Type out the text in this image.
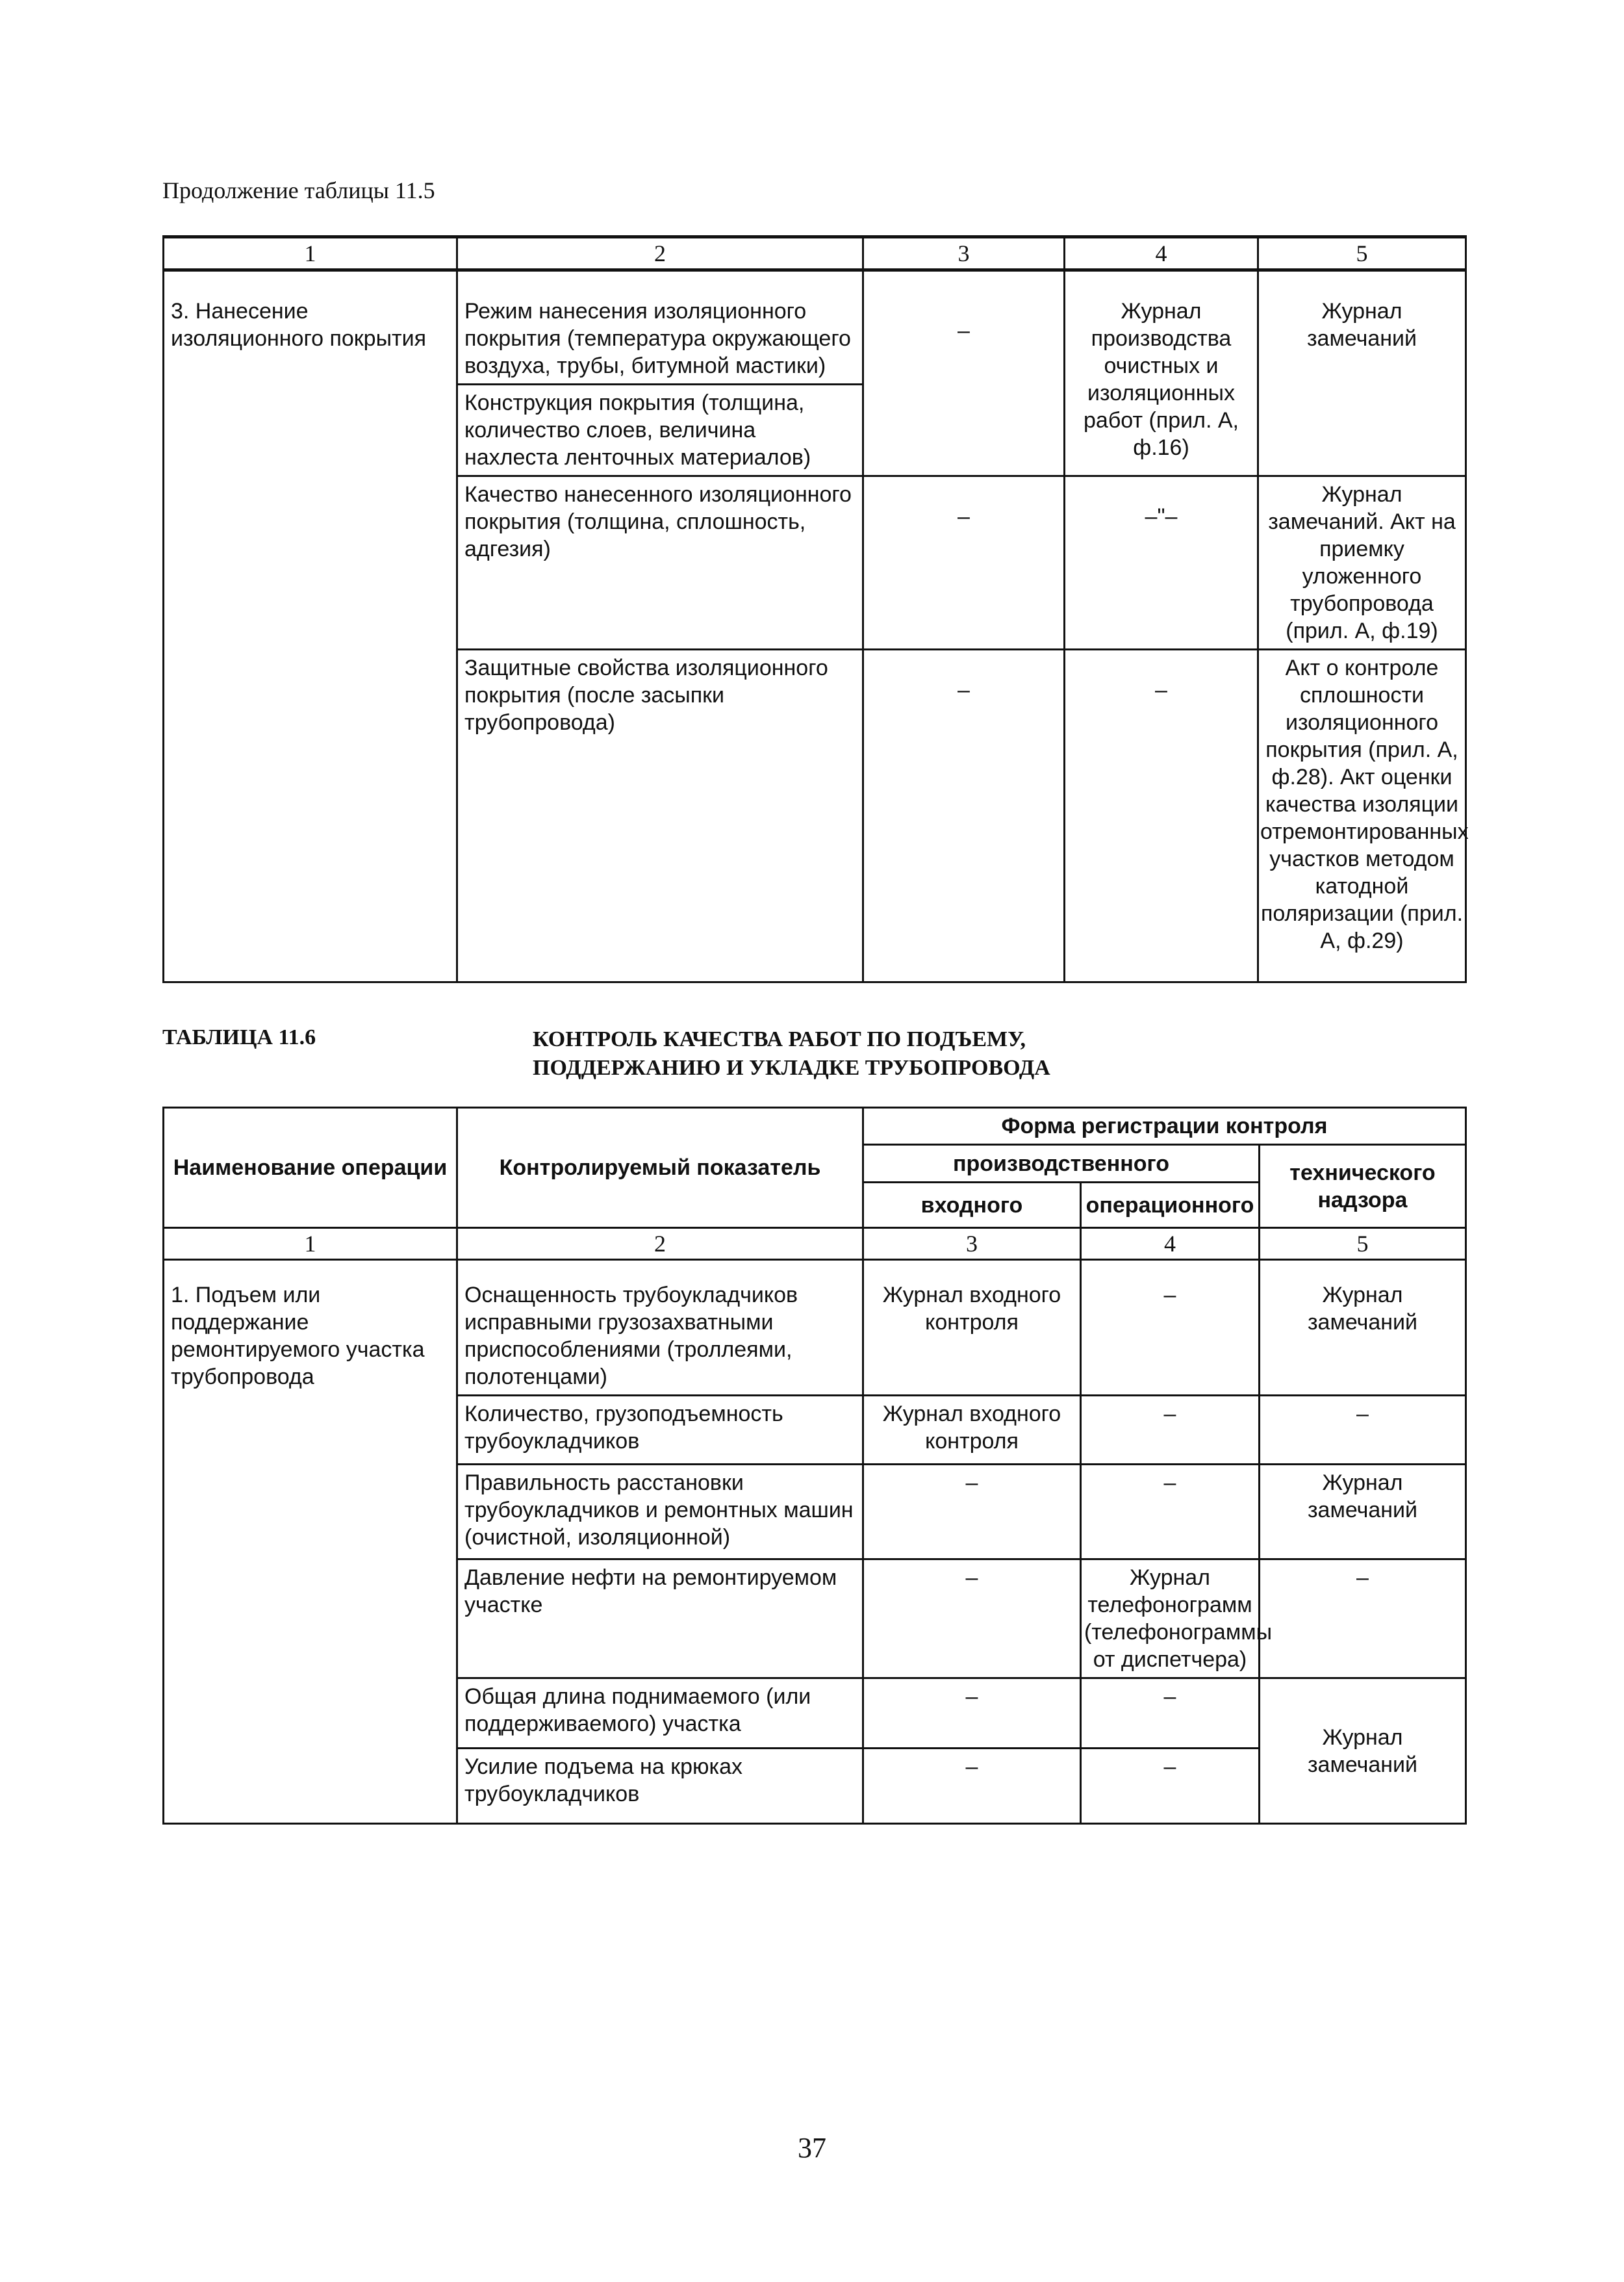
Продолжение таблицы 11.5
1	2	3	4	5
3. Нанесение изоляционного покрытия	Режим нанесения изоляционного покрытия (температура окружающего воздуха, трубы, битумной мастики)	–	Журнал производства очистных и изоляционных работ (прил. А, ф.16)	Журнал замечаний
	Конструкция покрытия (толщина, количество слоев, величина нахлеста ленточных материалов)			
	Качество нанесенного изоляционного покрытия (толщина, сплошность, адгезия)	–	–"–	Журнал замечаний. Акт на приемку уложенного трубопровода (прил. А, ф.19)
	Защитные свойства изоляционного покрытия (после засыпки трубопровода)	–	–	Акт о контроле сплошности изоляционного покрытия (прил. А, ф.28). Акт оценки качества изоляции отремонтированных участков методом катодной поляризации (прил. А, ф.29)
ТАБЛИЦА 11.6	КОНТРОЛЬ КАЧЕСТВА РАБОТ ПО ПОДЪЕМУ,
ПОДДЕРЖАНИЮ И УКЛАДКЕ ТРУБОПРОВОДА
Наименование операции	Контролируемый показатель	Форма регистрации контроля		
		производственного		технического надзора
		входного	операционного	
1	2	3	4	5
1. Подъем или поддержание ремонтируемого участка трубопровода	Оснащенность трубоукладчиков исправными грузозахватными приспособлениями (троллеями, полотенцами)	Журнал входного контроля	–	Журнал замечаний
	Количество, грузоподъемность трубоукладчиков	Журнал входного контроля	–	–
	Правильность расстановки трубоукладчиков и ремонтных машин (очистной, изоляционной)	–	–	Журнал замечаний
	Давление нефти на ремонтируемом участке	–	Журнал телефонограмм (телефонограммы от диспетчера)	–
	Общая длина поднимаемого (или поддерживаемого) участка	–	–	Журнал замечаний
	Усилие подъема на крюках трубоукладчиков	–	–	
37
